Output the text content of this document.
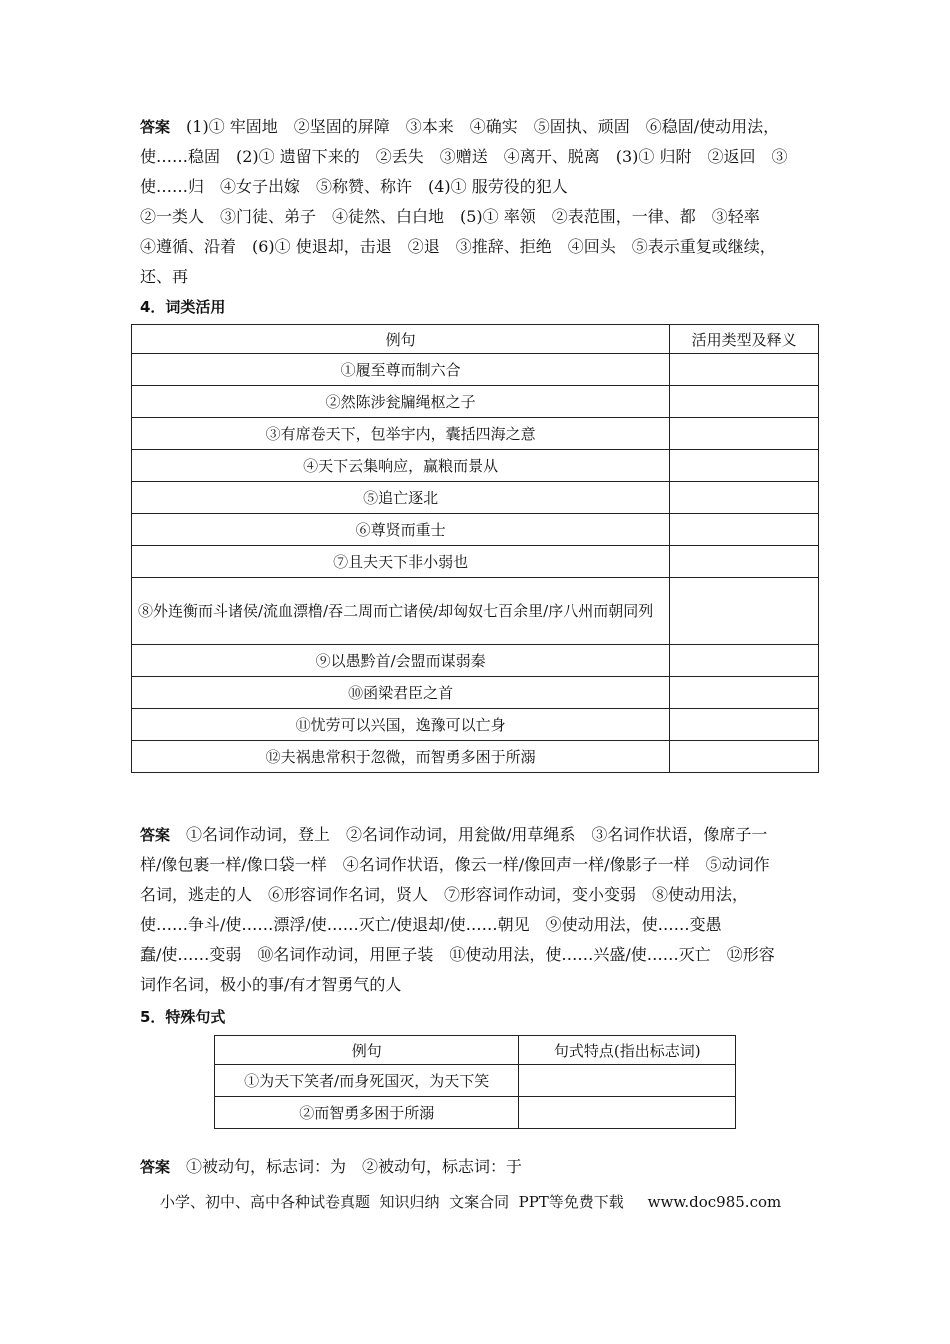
答案　 (1)① 牢固地　②坚固的屏障　③本来　④确实　⑤固执、顽固　⑥稳固/使动用法，
使……稳固　(2)① 遗留下来的　②丢失　③赠送　④离开、脱离　(3)① 归附　②返回　③
使……归　④女子出嫁　⑤称赞、称许　(4)① 服劳役的犯人
②一类人　③门徒、弟子　④徒然、白白地　(5)① 率领　②表范围，一律、都　③轻率
④遵循、沿着　(6)① 使退却，击退　②退　③推辞、拒绝　④回头　⑤表示重复或继续，
还、再
4．词类活用
例句	活用类型及释义
①履至尊而制六合	
②然陈涉瓮牖绳枢之子	
③有席卷天下，包举宇内，囊括四海之意	
④天下云集响应，赢粮而景从	
⑤追亡逐北	
⑥尊贤而重士	
⑦且夫天下非小弱也	
⑧外连衡而斗诸侯/流血漂橹/吞二周而亡诸侯/却匈奴七百余里/序八州而朝同列	
⑨以愚黔首/会盟而谋弱秦	
⑩函梁君臣之首	
⑪忧劳可以兴国，逸豫可以亡身	
⑫夫祸患常积于忽微，而智勇多困于所溺	
答案　 ①名词作动词，登上　②名词作动词，用瓮做/用草绳系　③名词作状语，像席子一
样/像包裹一样/像口袋一样　④名词作状语，像云一样/像回声一样/像影子一样　⑤动词作
名词，逃走的人　⑥形容词作名词，贤人　⑦形容词作动词，变小变弱　⑧使动用法，
使……争斗/使……漂浮/使……灭亡/使退却/使……朝见　⑨使动用法，使……变愚
蠢/使……变弱　⑩名词作动词，用匣子装　⑪使动用法，使……兴盛/使……灭亡　⑫形容
词作名词，极小的事/有才智勇气的人
5．特殊句式
例句	句式特点(指出标志词)
①为天下笑者/而身死国灭，为天下笑	
②而智勇多困于所溺	
答案　 ①被动句，标志词：为　②被动句，标志词：于
小学、初中、高中各种试卷真题  知识归纳  文案合同  PPT等免费下载     www.doc985.com
